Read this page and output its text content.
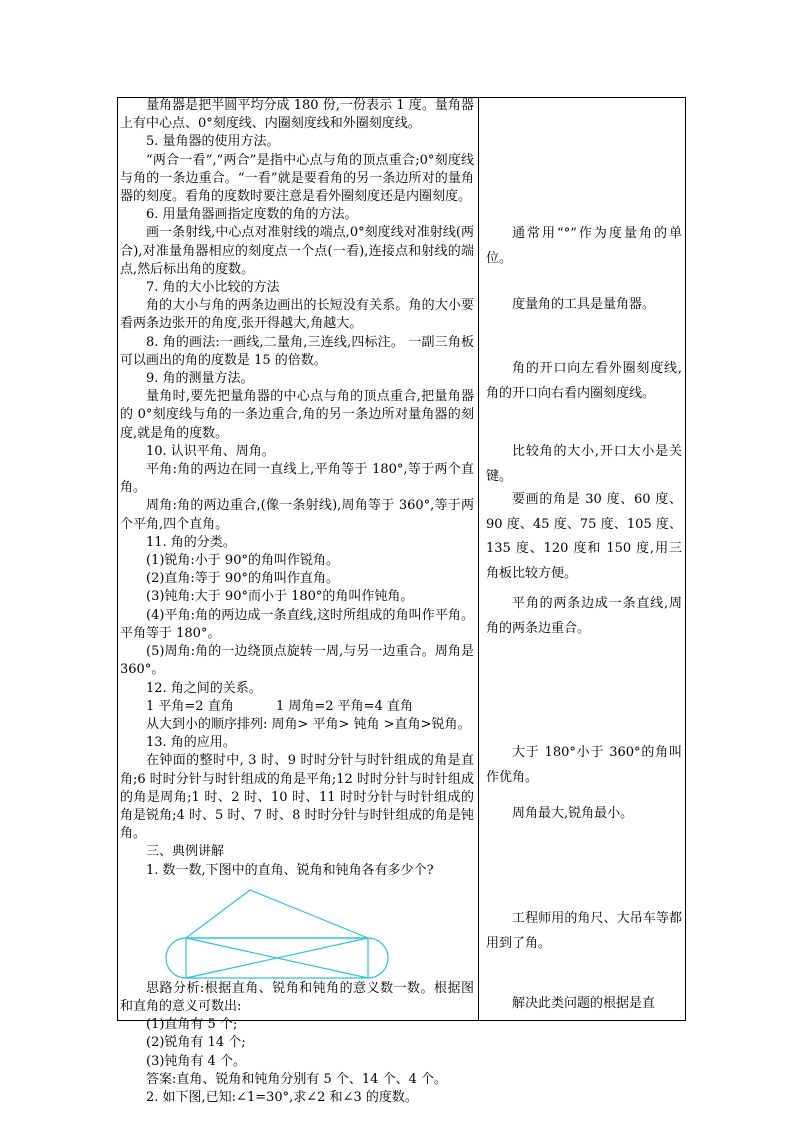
量角器是把半圆平均分成 180 份,一份表示 1 度。量角器上有中心点、0°刻度线、内圈刻度线和外圈刻度线。

5. 量角器的使用方法。

“两合一看”,“两合”是指中心点与角的顶点重合;0°刻度线与角的一条边重合。“一看”就是要看角的另一条边所对的量角器的刻度。看角的度数时要注意是看外圈刻度还是内圈刻度。

6. 用量角器画指定度数的角的方法。

画一条射线,中心点对准射线的端点,0°刻度线对准射线(两合),对准量角器相应的刻度点一个点(一看),连接点和射线的端点,然后标出角的度数。

7. 角的大小比较的方法

角的大小与角的两条边画出的长短没有关系。角的大小要看两条边张开的角度,张开得越大,角越大。

8. 角的画法:一画线,二量角,三连线,四标注。 一副三角板可以画出的角的度数是 15 的倍数。

9. 角的测量方法。

量角时,要先把量角器的中心点与角的顶点重合,把量角器的 0°刻度线与角的一条边重合,角的另一条边所对量角器的刻度,就是角的度数。

10. 认识平角、周角。

平角:角的两边在同一直线上,平角等于 180°,等于两个直角。

周角:角的两边重合,(像一条射线),周角等于 360°,等于两个平角,四个直角。

11. 角的分类。

(1)锐角:小于 90°的角叫作锐角。

(2)直角:等于 90°的角叫作直角。

(3)钝角:大于 90°而小于 180°的角叫作钝角。

(4)平角:角的两边成一条直线,这时所组成的角叫作平角。平角等于 180°。

(5)周角:角的一边绕顶点旋转一周,与另一边重合。周角是 360°。

12. 角之间的关系。

1 平角=2 直角	1 周角=2 平角=4 直角

从大到小的顺序排列: 周角> 平角> 钝角 >直角>锐角。

13. 角的应用。

在钟面的整时中, 3 时、9 时时分针与时针组成的角是直角;6 时时分针与时针组成的角是平角;12 时时分针与时针组成的角是周角;1 时、2 时、10 时、11 时时分针与时针组成的角是锐角;4 时、5 时、7 时、8 时时分针与时针组成的角是钝角。

三、典例讲解

1. 数一数,下图中的直角、锐角和钝角各有多少个?

思路分析:根据直角、锐角和钝角的意义数一数。根据图和直角的意义可数出:

(1)直角有 5 个;

(2)锐角有 14 个;

(3)钝角有 4 个。

答案:直角、锐角和钝角分别有 5 个、14 个、4 个。

2. 如下图,已知:∠1=30°,求∠2 和∠3 的度数。

通常用“°”作为度量角的单位。

度量角的工具是量角器。

角的开口向左看外圈刻度线,角的开口向右看内圈刻度线。

比较角的大小,开口大小是关键。

要画的角是 30 度、60 度、90 度、45 度、75 度、105 度、135 度、120 度和 150 度,用三角板比较方便。

平角的两条边成一条直线,周角的两条边重合。

大于 180°小于 360°的角叫作优角。

周角最大,锐角最小。

工程师用的角尺、大吊车等都用到了角。

解决此类问题的根据是直
